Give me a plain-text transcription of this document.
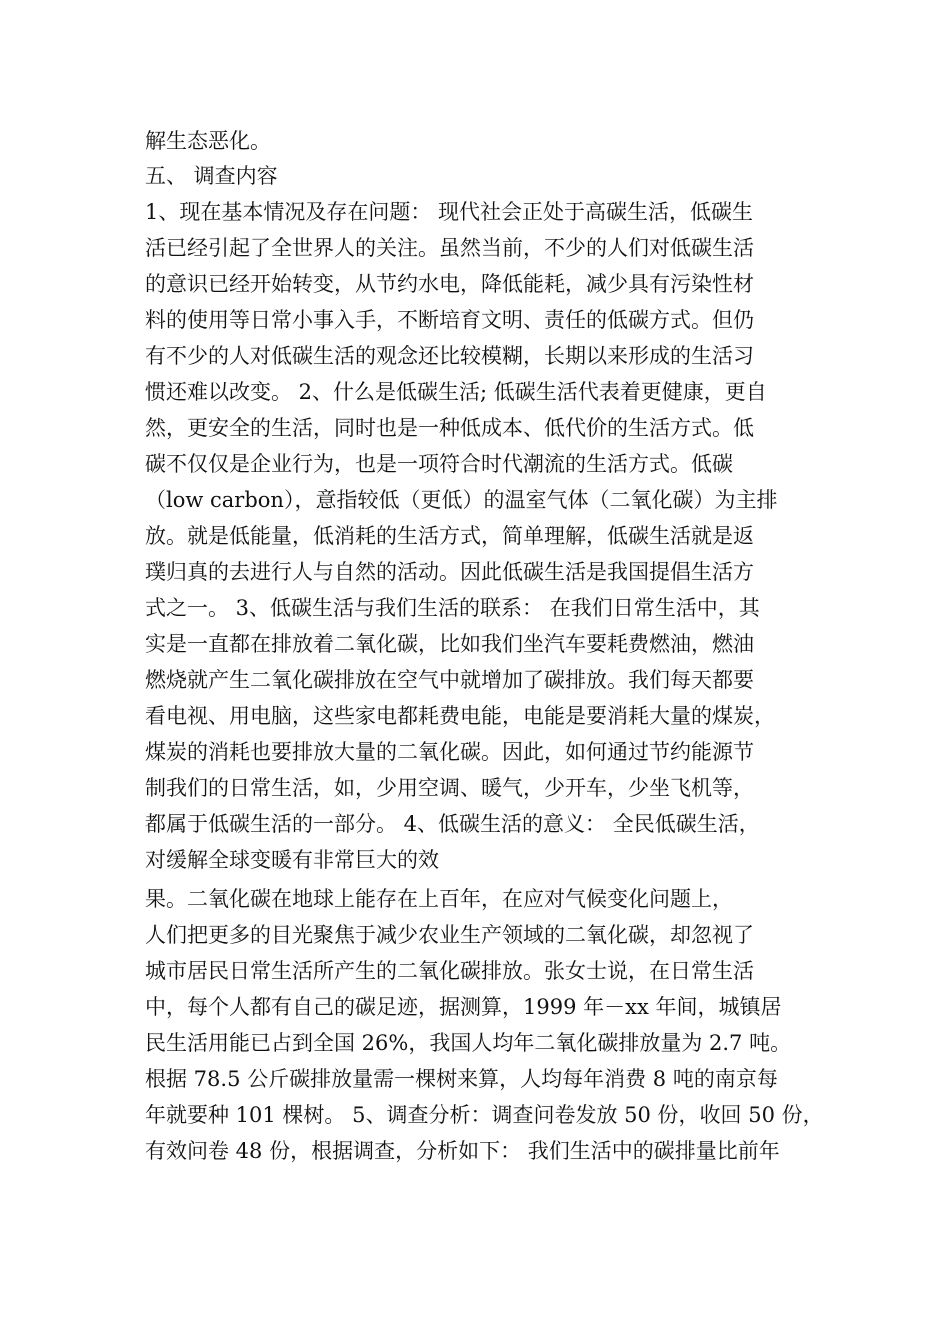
解生态恶化。
五、 调查内容
1、现在基本情况及存在问题： 现代社会正处于高碳生活，低碳生
活已经引起了全世界人的关注。虽然当前，不少的人们对低碳生活
的意识已经开始转变，从节约水电，降低能耗，减少具有污染性材
料的使用等日常小事入手，不断培育文明、责任的低碳方式。但仍
有不少的人对低碳生活的观念还比较模糊，长期以来形成的生活习
惯还难以改变。 2、什么是低碳生活; 低碳生活代表着更健康，更自
然，更安全的生活，同时也是一种低成本、低代价的生活方式。低
碳不仅仅是企业行为，也是一项符合时代潮流的生活方式。低碳
（low carbon），意指较低（更低）的温室气体（二氧化碳）为主排
放。就是低能量，低消耗的生活方式，简单理解，低碳生活就是返
璞归真的去进行人与自然的活动。因此低碳生活是我国提倡生活方
式之一。 3、低碳生活与我们生活的联系： 在我们日常生活中，其
实是一直都在排放着二氧化碳，比如我们坐汽车要耗费燃油，燃油
燃烧就产生二氧化碳排放在空气中就增加了碳排放。我们每天都要
看电视、用电脑，这些家电都耗费电能，电能是要消耗大量的煤炭，
煤炭的消耗也要排放大量的二氧化碳。因此，如何通过节约能源节
制我们的日常生活，如，少用空调、暖气，少开车，少坐飞机等，
都属于低碳生活的一部分。 4、低碳生活的意义： 全民低碳生活，
对缓解全球变暖有非常巨大的效
果。二氧化碳在地球上能存在上百年，在应对气候变化问题上，
人们把更多的目光聚焦于减少农业生产领域的二氧化碳，却忽视了
城市居民日常生活所产生的二氧化碳排放。张女士说，在日常生活
中，每个人都有自己的碳足迹，据测算，1999 年－xx 年间，城镇居
民生活用能已占到全国 26%，我国人均年二氧化碳排放量为 2.7 吨。
根据 78.5 公斤碳排放量需一棵树来算，人均每年消费 8 吨的南京每
年就要种 101 棵树。 5、调查分析：调查问卷发放 50 份，收回 50 份，
有效问卷 48 份，根据调查，分析如下： 我们生活中的碳排量比前年
